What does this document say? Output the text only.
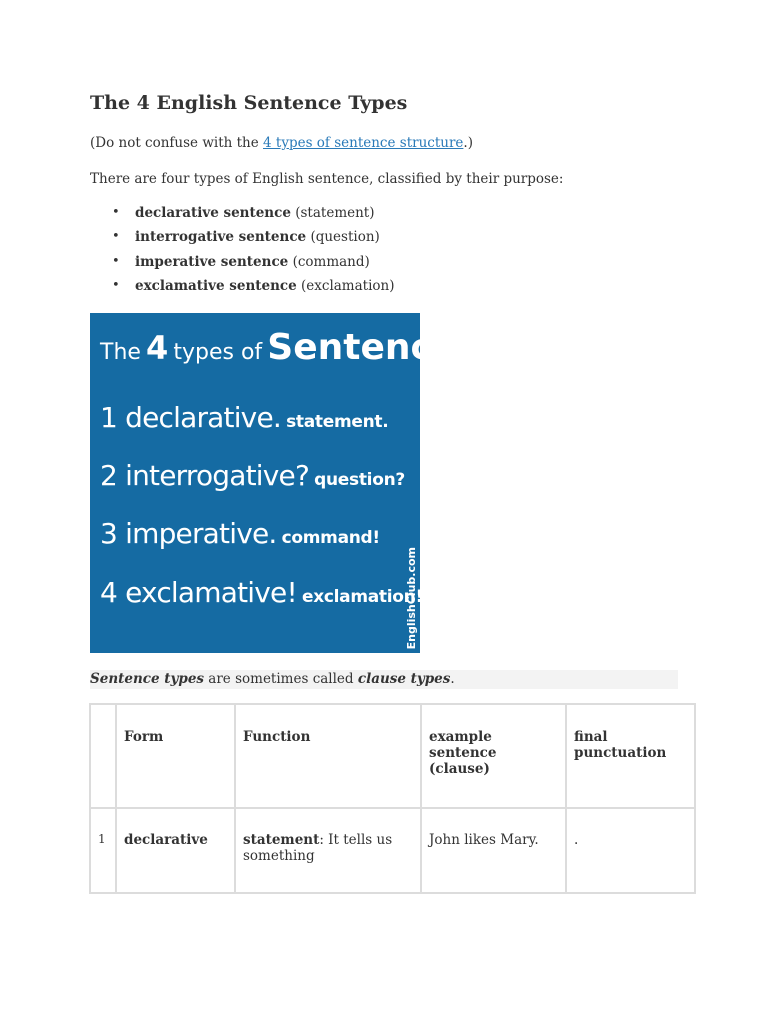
The 4 English Sentence Types

(Do not confuse with the 4 types of sentence structure.)

There are four types of English sentence, classified by their purpose:

• declarative sentence (statement)
• interrogative sentence (question)
• imperative sentence (command)
• exclamative sentence (exclamation)
The 4 types of Sentence
1 declarative. statement.
2 interrogative? question?
3 imperative. command!
4 exclamative! exclamation!
EnglishClub.com
Sentence types are sometimes called clause types.
	Form	Function	example sentence (clause)	final punctuation
1	declarative	statement: It tells us something	John likes Mary.	.
